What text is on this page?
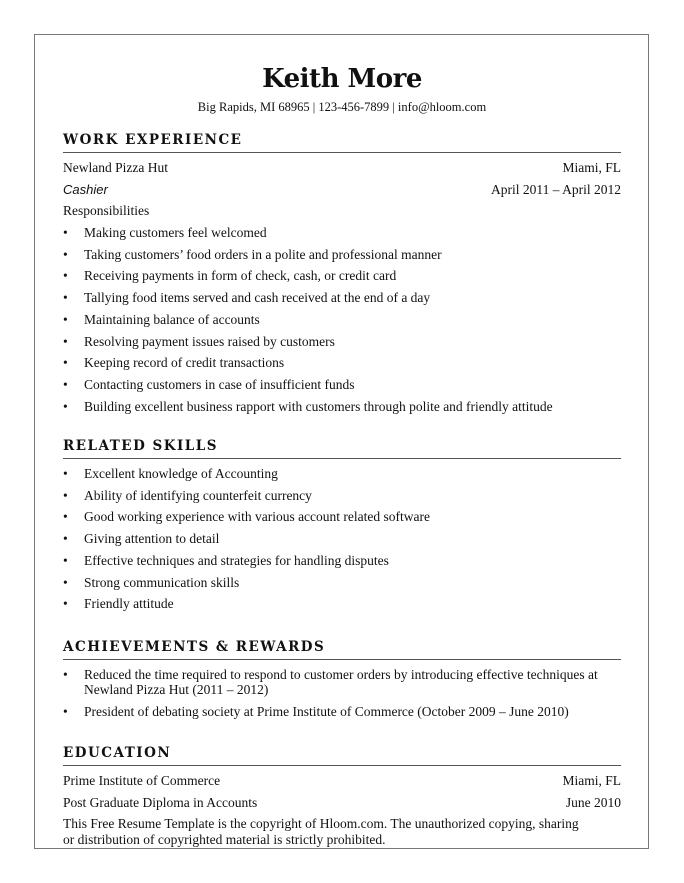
Keith More
Big Rapids, MI 68965 | 123-456-7899 | info@hloom.com
WORK EXPERIENCE
Newland Pizza Hut	Miami, FL
Cashier	April 2011 – April 2012
Responsibilities
• Making customers feel welcomed
• Taking customers’ food orders in a polite and professional manner
• Receiving payments in form of check, cash, or credit card
• Tallying food items served and cash received at the end of a day
• Maintaining balance of accounts
• Resolving payment issues raised by customers
• Keeping record of credit transactions
• Contacting customers in case of insufficient funds
• Building excellent business rapport with customers through polite and friendly attitude
RELATED SKILLS
• Excellent knowledge of Accounting
• Ability of identifying counterfeit currency
• Good working experience with various account related software
• Giving attention to detail
• Effective techniques and strategies for handling disputes
• Strong communication skills
• Friendly attitude
ACHIEVEMENTS & REWARDS
• Reduced the time required to respond to customer orders by introducing effective techniques at Newland Pizza Hut (2011 – 2012)
• President of debating society at Prime Institute of Commerce (October 2009 – June 2010)
EDUCATION
Prime Institute of Commerce	Miami, FL
Post Graduate Diploma in Accounts	June 2010
This Free Resume Template is the copyright of Hloom.com. The unauthorized copying, sharing or distribution of copyrighted material is strictly prohibited.
